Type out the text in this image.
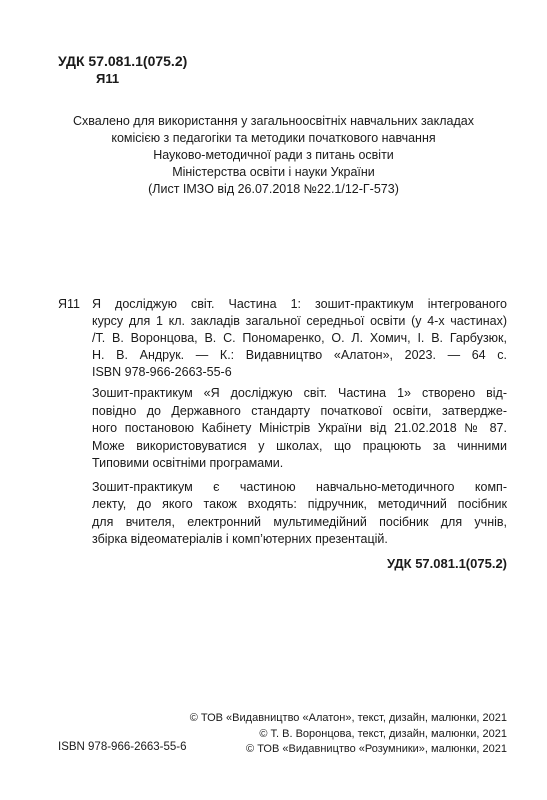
УДК 57.081.1(075.2)
Я11
Схвалено для використання у загальноосвітніх навчальних закладах
комісією з педагогіки та методики початкового навчання
Науково-методичної ради з питань освіти
Міністерства освіти і науки України
(Лист ІМЗО від 26.07.2018 №22.1/12-Г-573)
Я11 Я досліджую світ. Частина 1: зошит-практикум інтегрованого
курсу для 1 кл. закладів загальної середньої освіти (у 4-х частинах)
/Т. В. Воронцова, В. С. Пономаренко, О. Л. Хомич, І. В. Гарбузюк,
Н. В. Андрук. — К.: Видавництво «Алатон», 2023. — 64 с.
ISBN 978-966-2663-55-6
Зошит-практикум «Я досліджую світ. Частина 1» створено від-
повідно до Державного стандарту початкової освіти, затверджe-
ного постановою Кабінету Міністрів України від 21.02.2018 № 87.
Може використовуватися у школах, що працюють за чинними
Типовими освітніми програмами.
Зошит-практикум є частиною навчально-методичного комп-
лекту, до якого також входять: підручник, методичний посібник
для вчителя, електронний мультимедійний посібник для учнів,
збірка відеоматеріалів і комп’ютерних презентацій.
УДК 57.081.1(075.2)
ISBN 978-966-2663-55-6
© ТОВ «Видавництво «Алатон», текст, дизайн, малюнки, 2021
© Т. В. Воронцова, текст, дизайн, малюнки, 2021
© ТОВ «Видавництво «Розумники», малюнки, 2021
